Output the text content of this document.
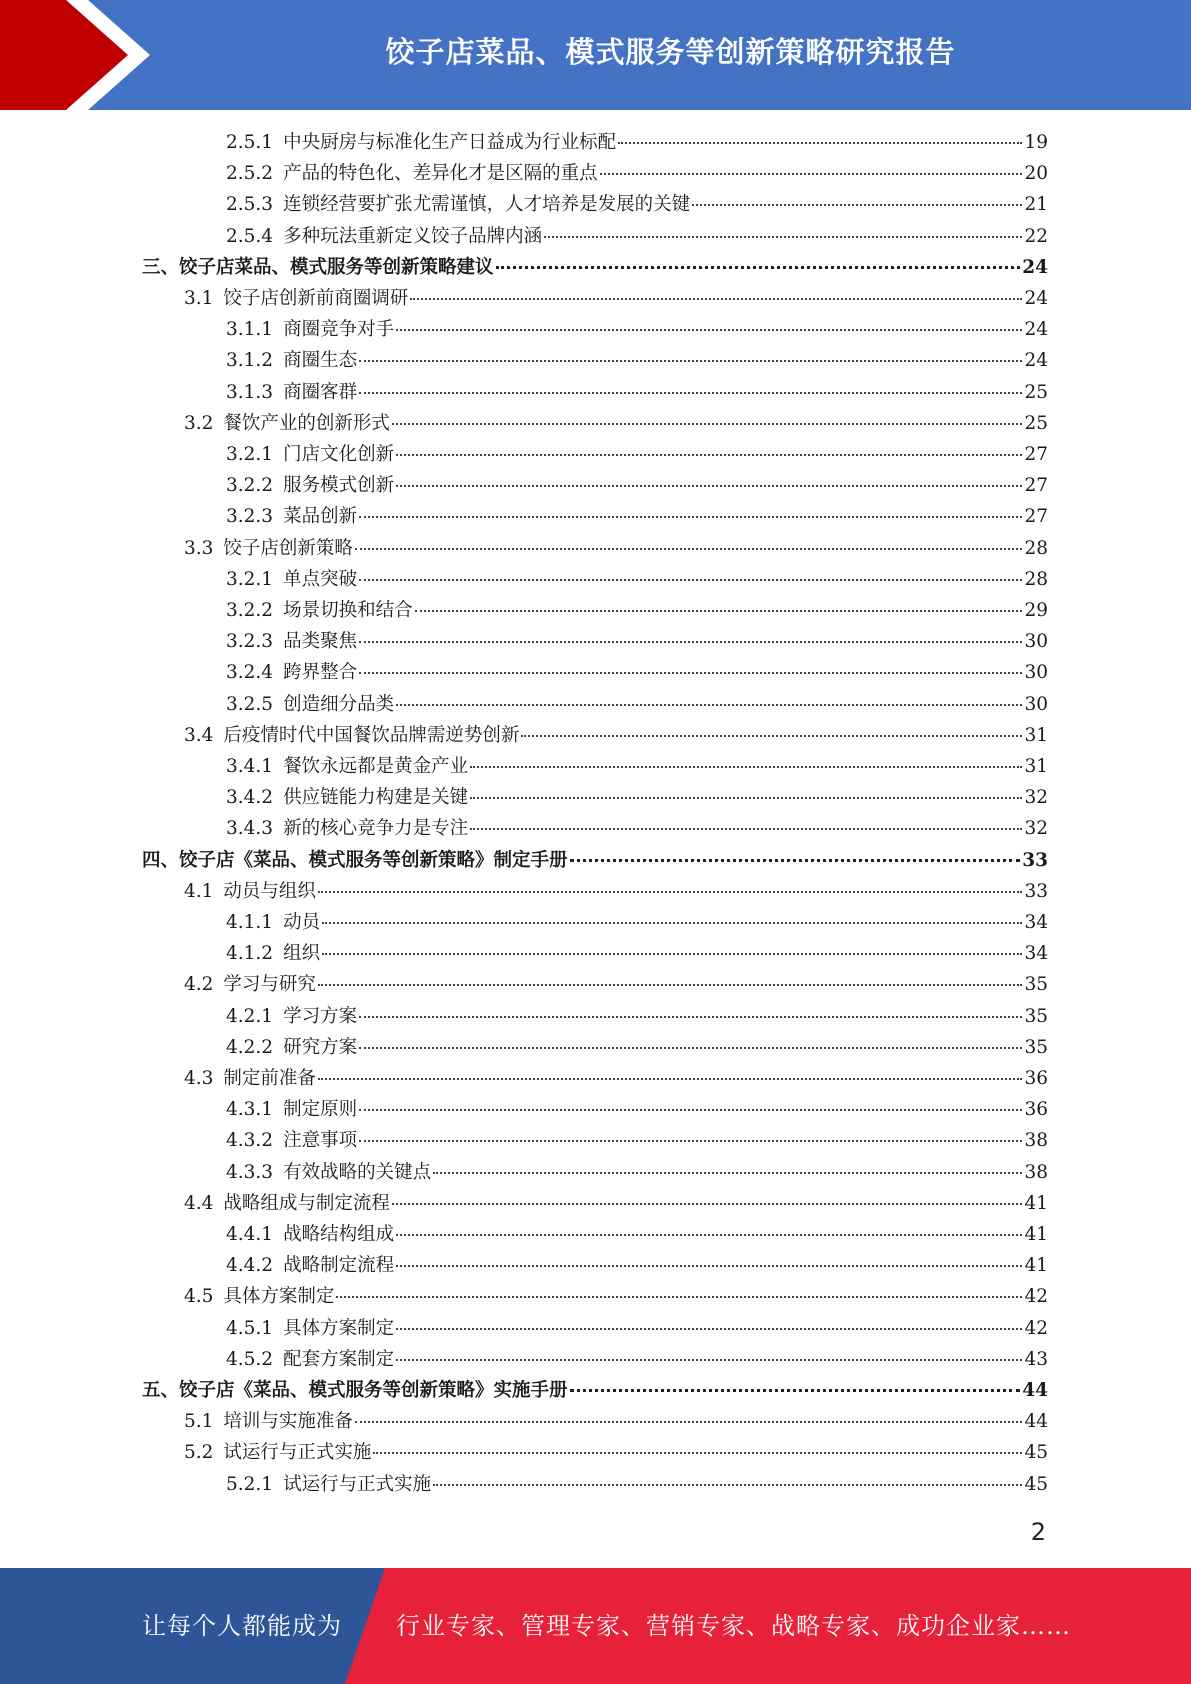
饺子店菜品、模式服务等创新策略研究报告
2.5.1 中央厨房与标准化生产日益成为行业标配	19
2.5.2 产品的特色化、差异化才是区隔的重点	20
2.5.3 连锁经营要扩张尤需谨慎，人才培养是发展的关键	21
2.5.4 多种玩法重新定义饺子品牌内涵	22
三、饺子店菜品、模式服务等创新策略建议	24
3.1 饺子店创新前商圈调研	24
3.1.1 商圈竞争对手	24
3.1.2 商圈生态	24
3.1.3 商圈客群	25
3.2 餐饮产业的创新形式	25
3.2.1 门店文化创新	27
3.2.2 服务模式创新	27
3.2.3 菜品创新	27
3.3 饺子店创新策略	28
3.2.1 单点突破	28
3.2.2 场景切换和结合	29
3.2.3 品类聚焦	30
3.2.4 跨界整合	30
3.2.5 创造细分品类	30
3.4 后疫情时代中国餐饮品牌需逆势创新	31
3.4.1 餐饮永远都是黄金产业	31
3.4.2 供应链能力构建是关键	32
3.4.3 新的核心竞争力是专注	32
四、饺子店《菜品、模式服务等创新策略》制定手册	33
4.1 动员与组织	33
4.1.1 动员	34
4.1.2 组织	34
4.2 学习与研究	35
4.2.1 学习方案	35
4.2.2 研究方案	35
4.3 制定前准备	36
4.3.1 制定原则	36
4.3.2 注意事项	38
4.3.3 有效战略的关键点	38
4.4 战略组成与制定流程	41
4.4.1 战略结构组成	41
4.4.2 战略制定流程	41
4.5 具体方案制定	42
4.5.1 具体方案制定	42
4.5.2 配套方案制定	43
五、饺子店《菜品、模式服务等创新策略》实施手册	44
5.1 培训与实施准备	44
5.2 试运行与正式实施	45
5.2.1 试运行与正式实施	45
2
让每个人都能成为 行业专家、管理专家、营销专家、战略专家、成功企业家……
